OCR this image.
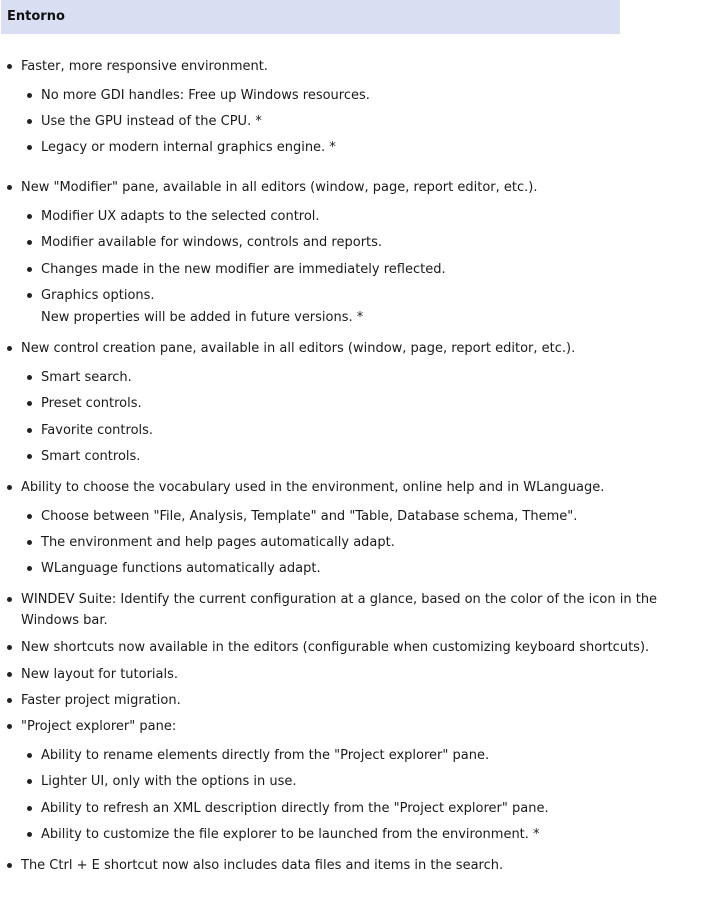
Entorno
Faster, more responsive environment.
No more GDI handles: Free up Windows resources.
Use the GPU instead of the CPU. *
Legacy or modern internal graphics engine. *
New "Modifier" pane, available in all editors (window, page, report editor, etc.).
Modifier UX adapts to the selected control.
Modifier available for windows, controls and reports.
Changes made in the new modifier are immediately reflected.
Graphics options.
New properties will be added in future versions. *
New control creation pane, available in all editors (window, page, report editor, etc.).
Smart search.
Preset controls.
Favorite controls.
Smart controls.
Ability to choose the vocabulary used in the environment, online help and in WLanguage.
Choose between "File, Analysis, Template" and "Table, Database schema, Theme".
The environment and help pages automatically adapt.
WLanguage functions automatically adapt.
WINDEV Suite: Identify the current configuration at a glance, based on the color of the icon in the Windows bar.
New shortcuts now available in the editors (configurable when customizing keyboard shortcuts).
New layout for tutorials.
Faster project migration.
"Project explorer" pane:
Ability to rename elements directly from the "Project explorer" pane.
Lighter UI, only with the options in use.
Ability to refresh an XML description directly from the "Project explorer" pane.
Ability to customize the file explorer to be launched from the environment. *
The Ctrl + E shortcut now also includes data files and items in the search.
